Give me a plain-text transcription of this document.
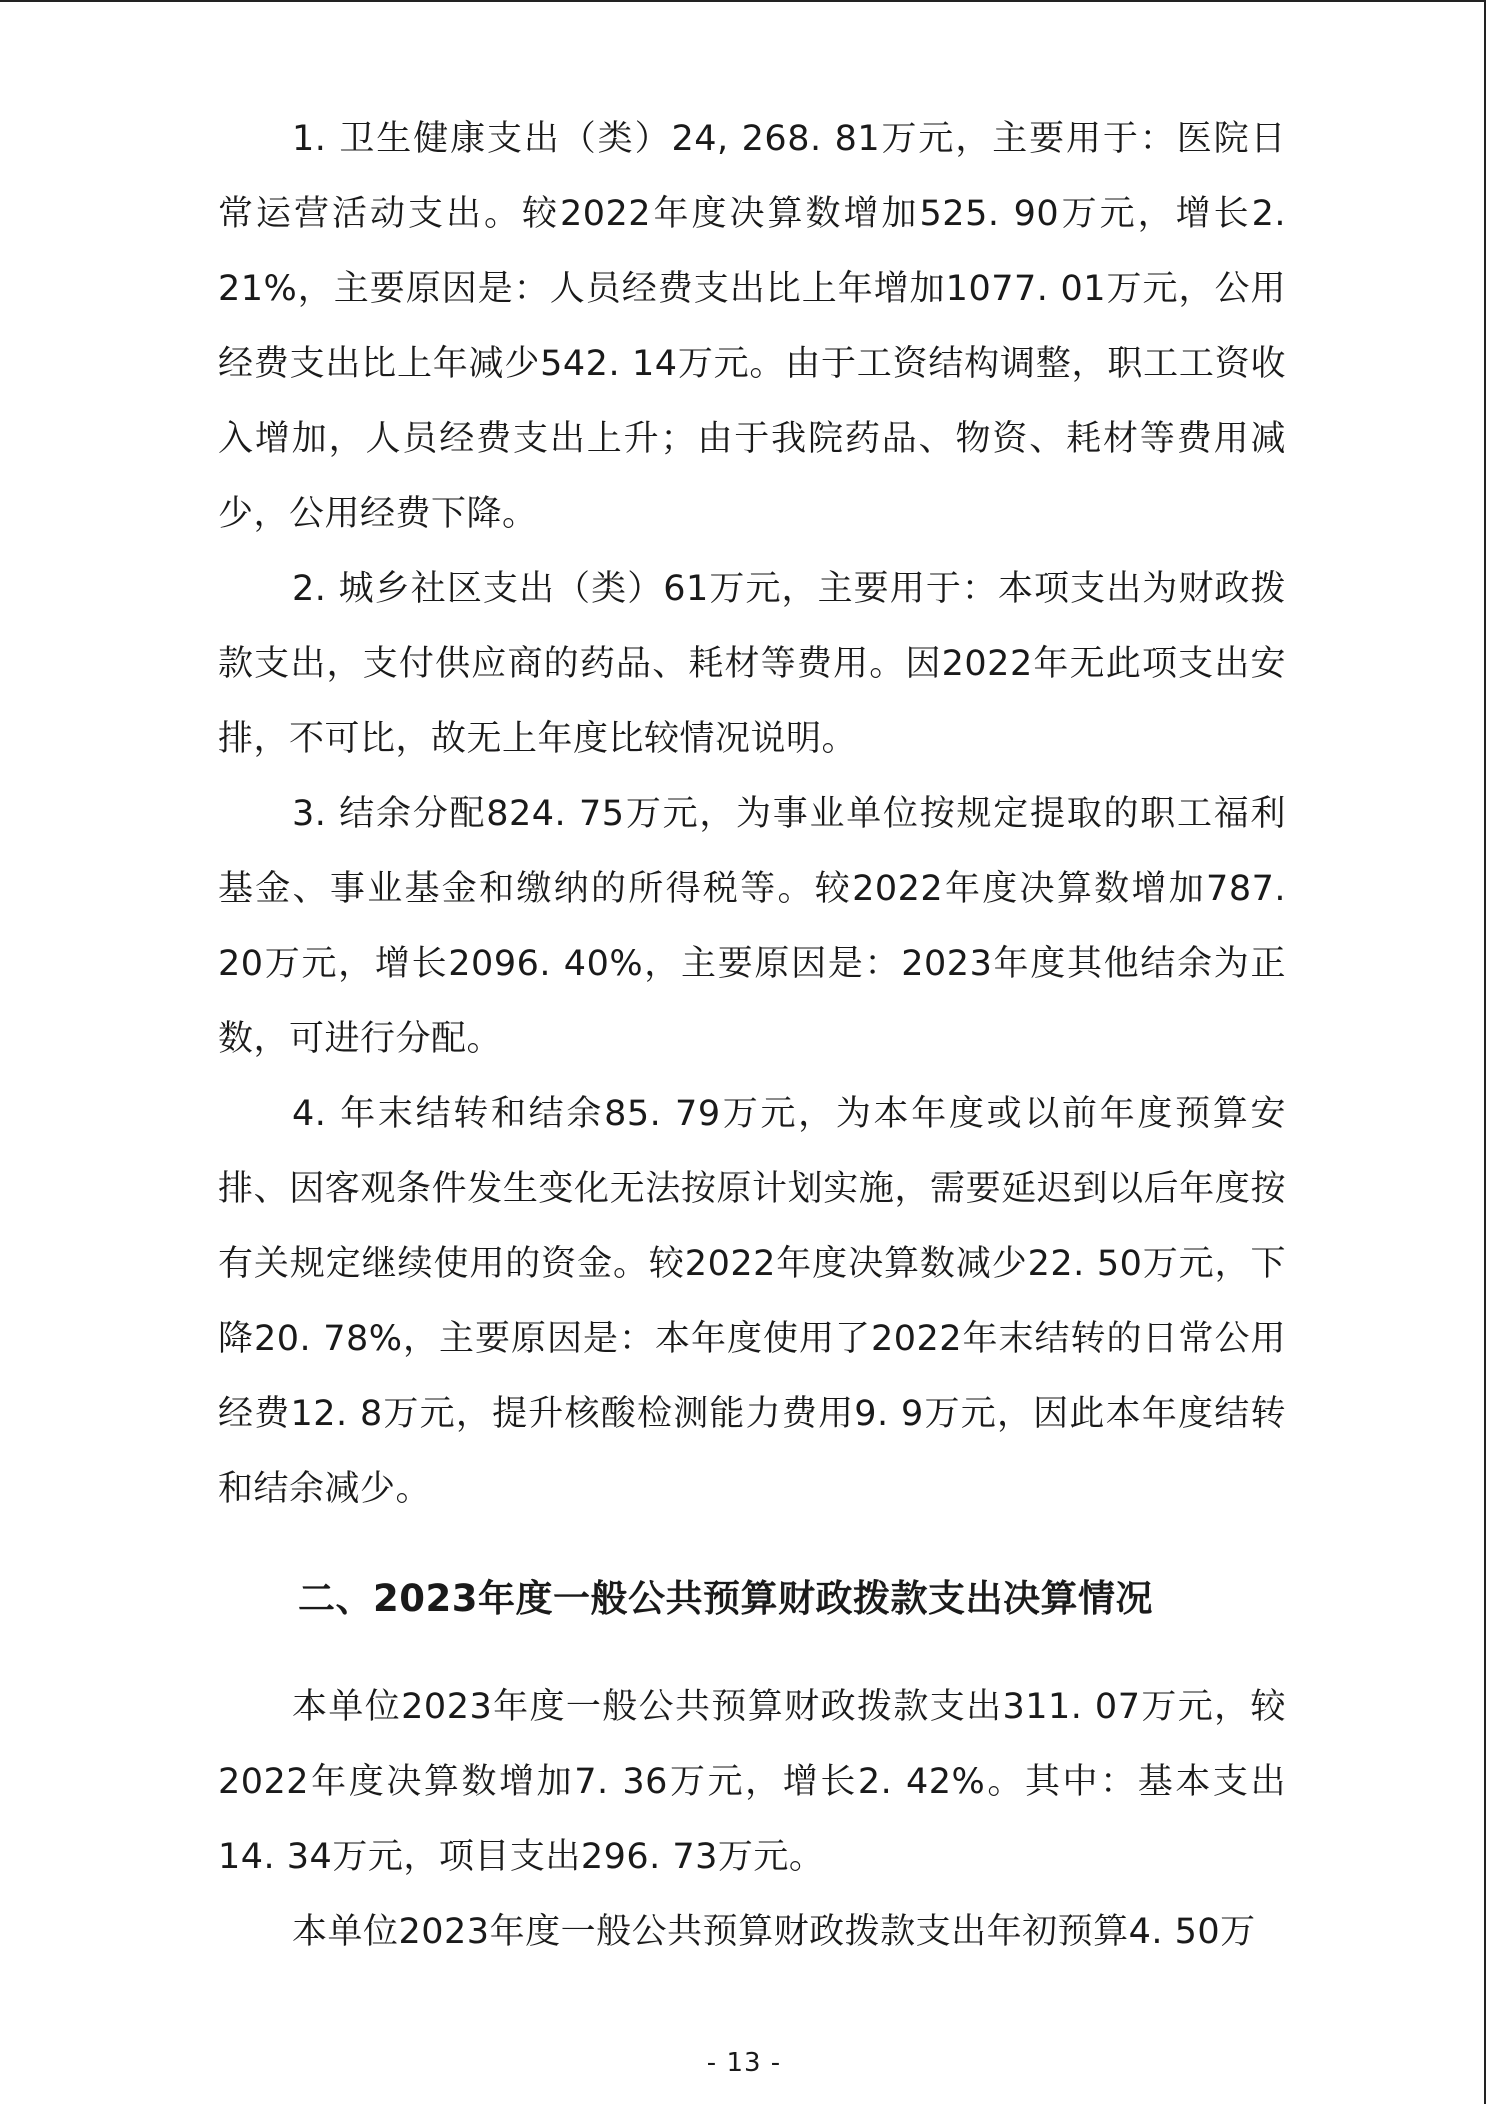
1. 卫生健康支出（类）24, 268. 81万元，主要用于：医院日常运营活动支出。较2022年度决算数增加525. 90万元，增长2. 21%，主要原因是：人员经费支出比上年增加1077. 01万元，公用经费支出比上年减少542. 14万元。由于工资结构调整，职工工资收入增加，人员经费支出上升；由于我院药品、物资、耗材等费用减少，公用经费下降。

2. 城乡社区支出（类）61万元，主要用于：本项支出为财政拨款支出，支付供应商的药品、耗材等费用。因2022年无此项支出安排，不可比，故无上年度比较情况说明。

3. 结余分配824. 75万元，为事业单位按规定提取的职工福利基金、事业基金和缴纳的所得税等。较2022年度决算数增加787. 20万元，增长2096. 40%，主要原因是：2023年度其他结余为正数，可进行分配。

4. 年末结转和结余85. 79万元，为本年度或以前年度预算安排、因客观条件发生变化无法按原计划实施，需要延迟到以后年度按有关规定继续使用的资金。较2022年度决算数减少22. 50万元，下降20. 78%，主要原因是：本年度使用了2022年末结转的日常公用经费12. 8万元，提升核酸检测能力费用9. 9万元，因此本年度结转和结余减少。

二、2023年度一般公共预算财政拨款支出决算情况

本单位2023年度一般公共预算财政拨款支出311. 07万元，较2022年度决算数增加7. 36万元，增长2. 42%。其中：基本支出14. 34万元，项目支出296. 73万元。

本单位2023年度一般公共预算财政拨款支出年初预算4. 50万

- 13 -
